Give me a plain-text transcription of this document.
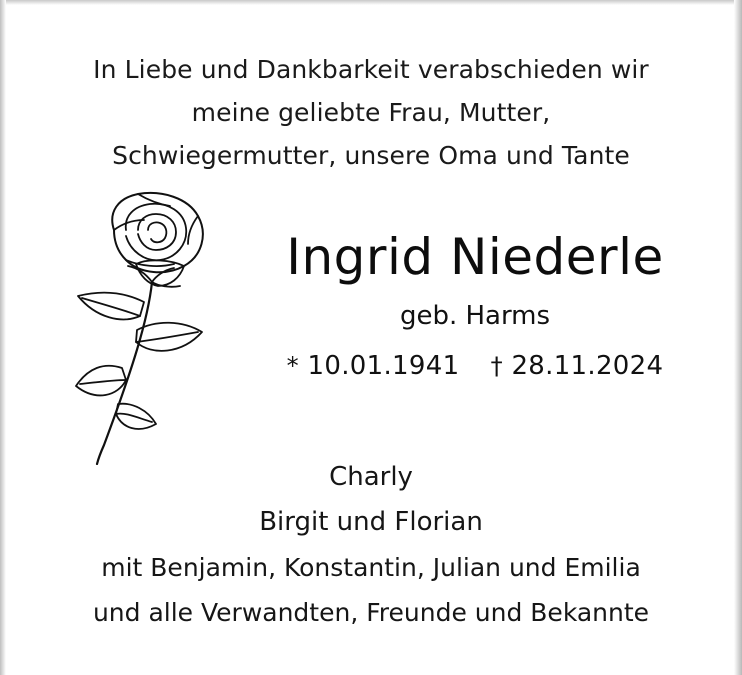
In Liebe und Dankbarkeit verabschieden wir
meine geliebte Frau, Mutter,
Schwiegermutter, unsere Oma und Tante
Ingrid Niederle
geb. Harms
* 10.01.1941 † 28.11.2024
Charly
Birgit und Florian
mit Benjamin, Konstantin, Julian und Emilia
und alle Verwandten, Freunde und Bekannte
